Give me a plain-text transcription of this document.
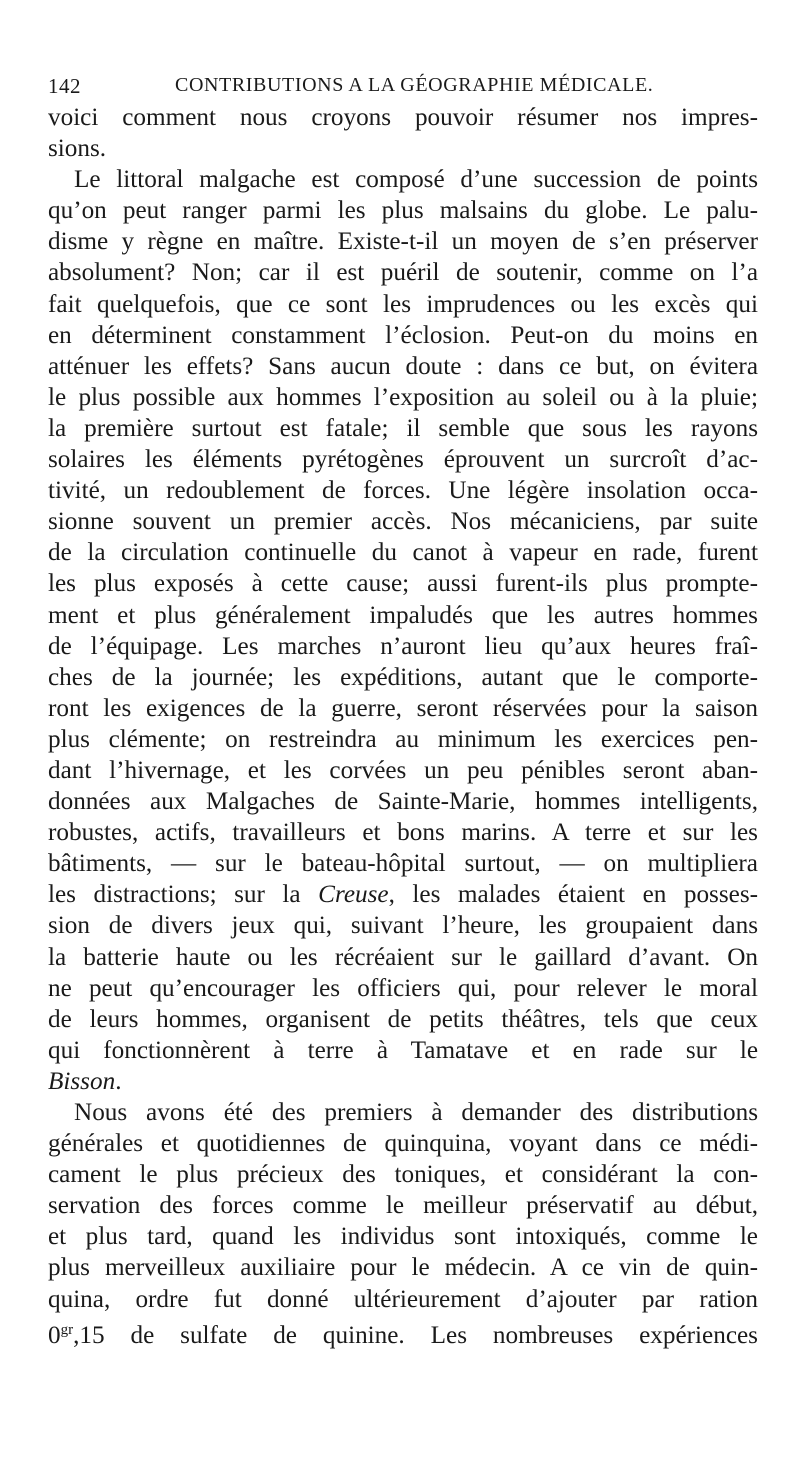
142	CONTRIBUTIONS A LA GÉOGRAPHIE MÉDICALE.

voici comment nous croyons pouvoir résumer nos impres-
sions.

Le littoral malgache est composé d’une succession de points
qu’on peut ranger parmi les plus malsains du globe. Le palu-
disme y règne en maître. Existe-t-il un moyen de s’en préserver
absolument? Non; car il est puéril de soutenir, comme on l’a
fait quelquefois, que ce sont les imprudences ou les excès qui
en déterminent constamment l’éclosion. Peut-on du moins en
atténuer les effets? Sans aucun doute : dans ce but, on évitera
le plus possible aux hommes l’exposition au soleil ou à la pluie;
la première surtout est fatale; il semble que sous les rayons
solaires les éléments pyrétogènes éprouvent un surcroît d’ac-
tivité, un redoublement de forces. Une légère insolation occa-
sionne souvent un premier accès. Nos mécaniciens, par suite
de la circulation continuelle du canot à vapeur en rade, furent
les plus exposés à cette cause; aussi furent-ils plus prompte-
ment et plus généralement impaludés que les autres hommes
de l’équipage. Les marches n’auront lieu qu’aux heures fraî-
ches de la journée; les expéditions, autant que le comporte-
ront les exigences de la guerre, seront réservées pour la saison
plus clémente; on restreindra au minimum les exercices pen-
dant l’hivernage, et les corvées un peu pénibles seront aban-
données aux Malgaches de Sainte-Marie, hommes intelligents,
robustes, actifs, travailleurs et bons marins. A terre et sur les
bâtiments, — sur le bateau-hôpital surtout, — on multipliera
les distractions; sur la Creuse, les malades étaient en posses-
sion de divers jeux qui, suivant l’heure, les groupaient dans
la batterie haute ou les récréaient sur le gaillard d’avant. On
ne peut qu’encourager les officiers qui, pour relever le moral
de leurs hommes, organisent de petits théâtres, tels que ceux
qui fonctionnèrent à terre à Tamatave et en rade sur le
Bisson.

Nous avons été des premiers à demander des distributions
générales et quotidiennes de quinquina, voyant dans ce médi-
cament le plus précieux des toniques, et considérant la con-
servation des forces comme le meilleur préservatif au début,
et plus tard, quand les individus sont intoxiqués, comme le
plus merveilleux auxiliaire pour le médecin. A ce vin de quin-
quina, ordre fut donné ultérieurement d’ajouter par ration
$0^{gr},15$ de sulfate de quinine. Les nombreuses expériences
